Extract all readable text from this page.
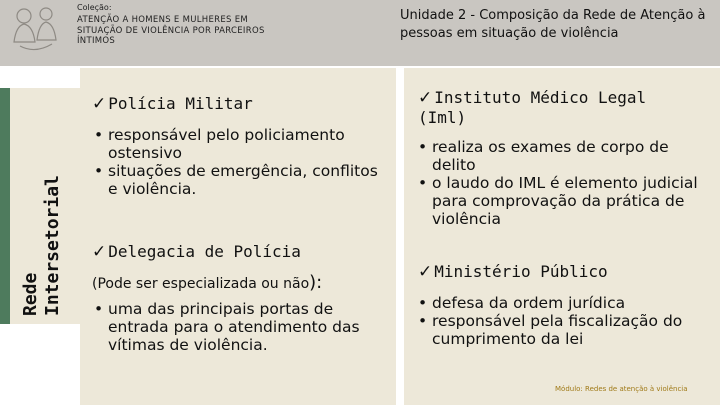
Coleção:
ATENÇÃO A HOMENS E MULHERES EM SITUAÇÃO DE VIOLÊNCIA POR PARCEIROS ÍNTIMOS
Unidade 2 - Composição da Rede de Atenção à pessoas em situação de violência
Rede Intersetorial
✓ Polícia Militar
• responsável pelo policiamento ostensivo
• situações de emergência, conflitos e violência.
✓ Delegacia de Polícia
(Pode ser especializada ou não):
• uma das principais portas de entrada para o atendimento das vítimas de violência.
✓ Instituto Médico Legal (Iml)
• realiza os exames de corpo de delito
• o laudo do IML é elemento judicial para comprovação da prática de violência
✓ Ministério Público
• defesa da ordem jurídica
• responsável pela fiscalização do cumprimento da lei
Módulo: Redes de atenção à violência
